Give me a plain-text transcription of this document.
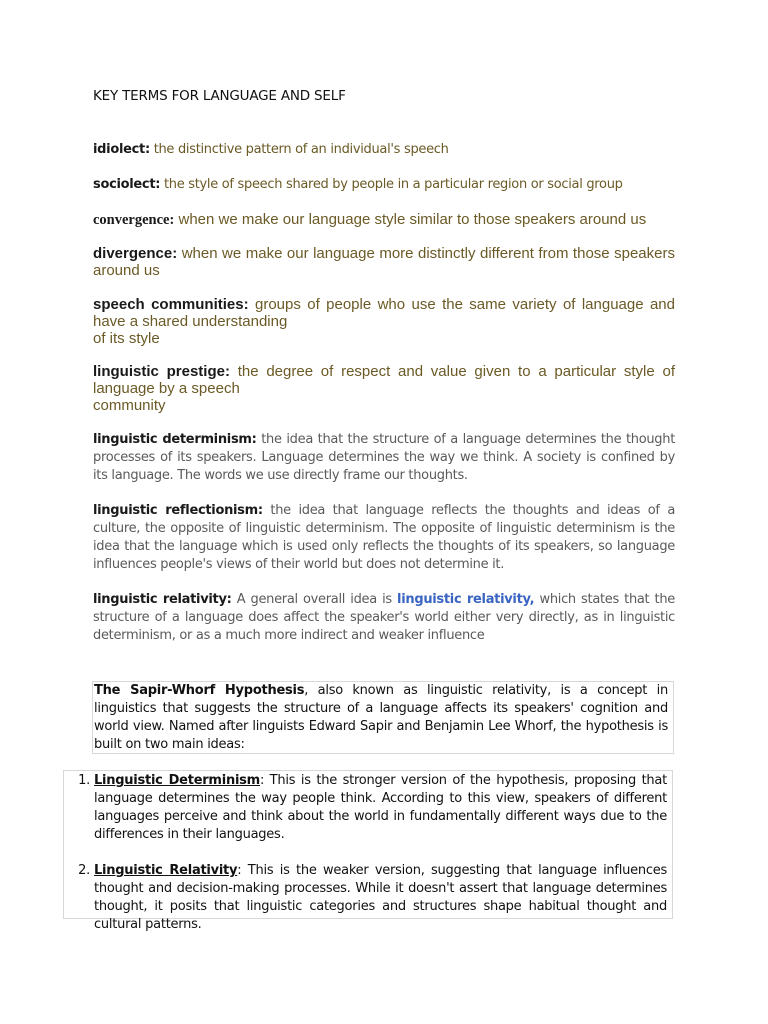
KEY TERMS FOR LANGUAGE AND SELF
idiolect: the distinctive pattern of an individual's speech
sociolect: the style of speech shared by people in a particular region or social group
convergence: when we make our language style similar to those speakers around us
divergence: when we make our language more distinctly different from those speakers around us
speech communities: groups of people who use the same variety of language and have a shared understanding
of its style
linguistic prestige: the degree of respect and value given to a particular style of language by a speech
community
linguistic determinism: the idea that the structure of a language determines the thought processes of its speakers. Language determines the way we think. A society is confined by its language. The words we use directly frame our thoughts.
linguistic reflectionism: the idea that language reflects the thoughts and ideas of a culture, the opposite of linguistic determinism. The opposite of linguistic determinism is the idea that the language which is used only reflects the thoughts of its speakers, so language influences people's views of their world but does not determine it.
linguistic relativity: A general overall idea is linguistic relativity, which states that the structure of a language does affect the speaker's world either very directly, as in linguistic determinism, or as a much more indirect and weaker influence
The Sapir-Whorf Hypothesis, also known as linguistic relativity, is a concept in linguistics that suggests the structure of a language affects its speakers' cognition and world view. Named after linguists Edward Sapir and Benjamin Lee Whorf, the hypothesis is built on two main ideas:
1. Linguistic Determinism: This is the stronger version of the hypothesis, proposing that language determines the way people think. According to this view, speakers of different languages perceive and think about the world in fundamentally different ways due to the differences in their languages.
2. Linguistic Relativity: This is the weaker version, suggesting that language influences thought and decision-making processes. While it doesn't assert that language determines thought, it posits that linguistic categories and structures shape habitual thought and cultural patterns.
